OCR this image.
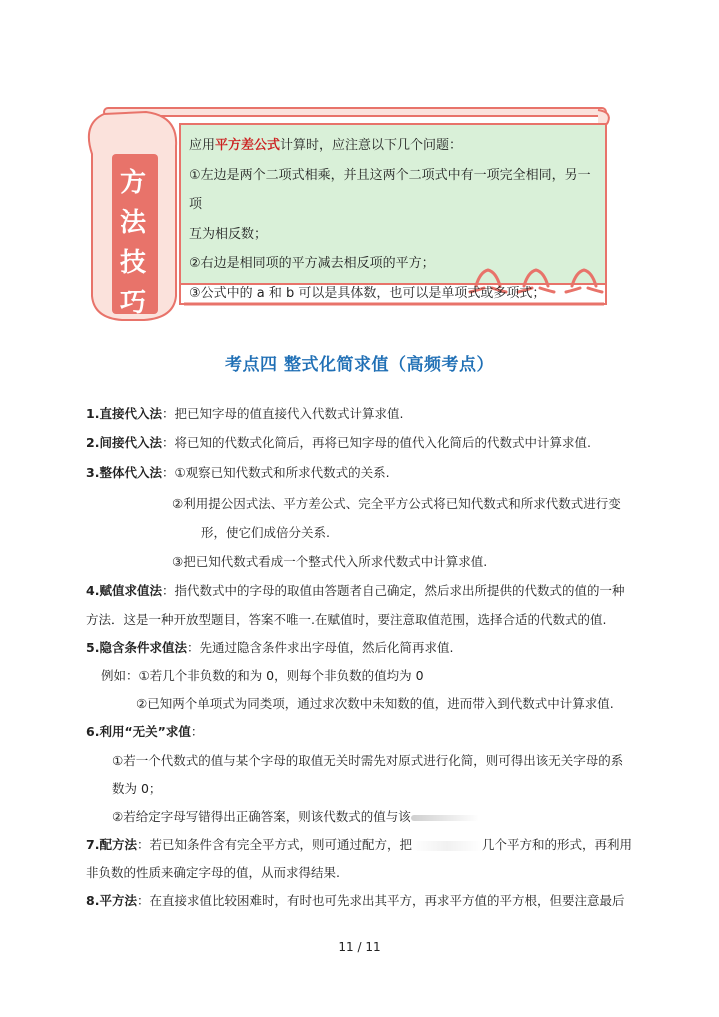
方
法
技
巧
应用平方差公式计算时，应注意以下几个问题：
①左边是两个二项式相乘，并且这两个二项式中有一项完全相同，另一项
互为相反数；
②右边是相同项的平方减去相反项的平方；
③公式中的 a 和 b 可以是具体数，也可以是单项式或多项式；
考点四 整式化简求值（高频考点）
1.直接代入法：把已知字母的值直接代入代数式计算求值.
2.间接代入法：将已知的代数式化简后，再将已知字母的值代入化简后的代数式中计算求值.
3.整体代入法：①观察已知代数式和所求代数式的关系.
②利用提公因式法、平方差公式、完全平方公式将已知代数式和所求代数式进行变
形，使它们成倍分关系.
③把已知代数式看成一个整式代入所求代数式中计算求值.
4.赋值求值法：指代数式中的字母的取值由答题者自己确定，然后求出所提供的代数式的值的一种
方法．这是一种开放型题目，答案不唯一.在赋值时，要注意取值范围，选择合适的代数式的值.
5.隐含条件求值法：先通过隐含条件求出字母值，然后化简再求值.
例如：①若几个非负数的和为 0，则每个非负数的值均为 0
②已知两个单项式为同类项，通过求次数中未知数的值，进而带入到代数式中计算求值.
6.利用“无关”求值：
①若一个代数式的值与某个字母的取值无关时需先对原式进行化简，则可得出该无关字母的系
数为 0；
②若给定字母写错得出正确答案，则该代数式的值与该
7.配方法：若已知条件含有完全平方式，则可通过配方，把	几个平方和的形式，再利用
非负数的性质来确定字母的值，从而求得结果.
8.平方法：在直接求值比较困难时，有时也可先求出其平方，再求平方值的平方根，但要注意最后
11 / 11
